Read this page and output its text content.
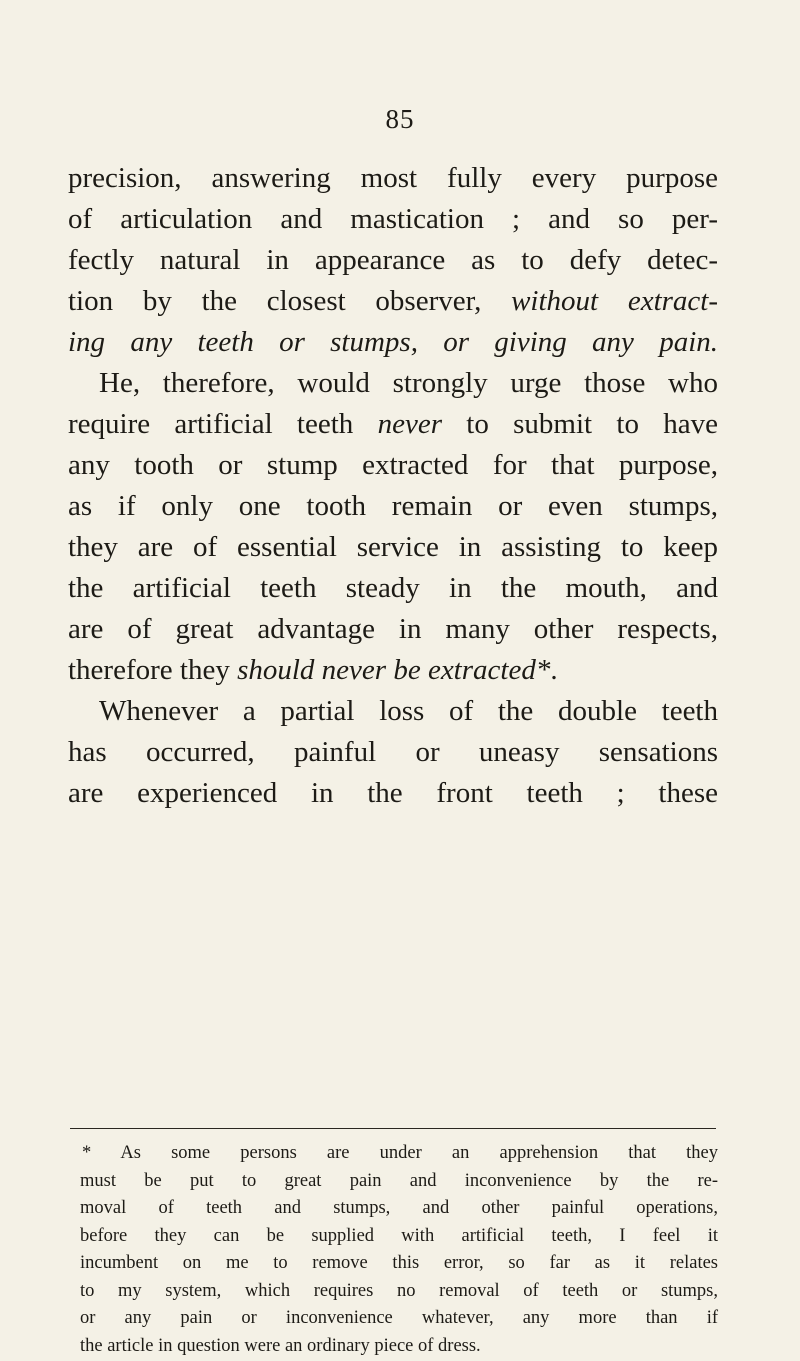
85
precision, answering most fully every purpose
of articulation and mastication ; and so per-
fectly natural in appearance as to defy detec-
tion by the closest observer, without extract-
ing any teeth or stumps, or giving any pain.
He, therefore, would strongly urge those who
require artificial teeth never to submit to have
any tooth or stump extracted for that purpose,
as if only one tooth remain or even stumps,
they are of essential service in assisting to keep
the artificial teeth steady in the mouth, and
are of great advantage in many other respects,
therefore they should never be extracted*.
Whenever a partial loss of the double teeth
has occurred, painful or uneasy sensations
are experienced in the front teeth ; these
* As some persons are under an apprehension that they
must be put to great pain and inconvenience by the re-
moval of teeth and stumps, and other painful operations,
before they can be supplied with artificial teeth, I feel it
incumbent on me to remove this error, so far as it relates
to my system, which requires no removal of teeth or stumps,
or any pain or inconvenience whatever, any more than if
the article in question were an ordinary piece of dress.
